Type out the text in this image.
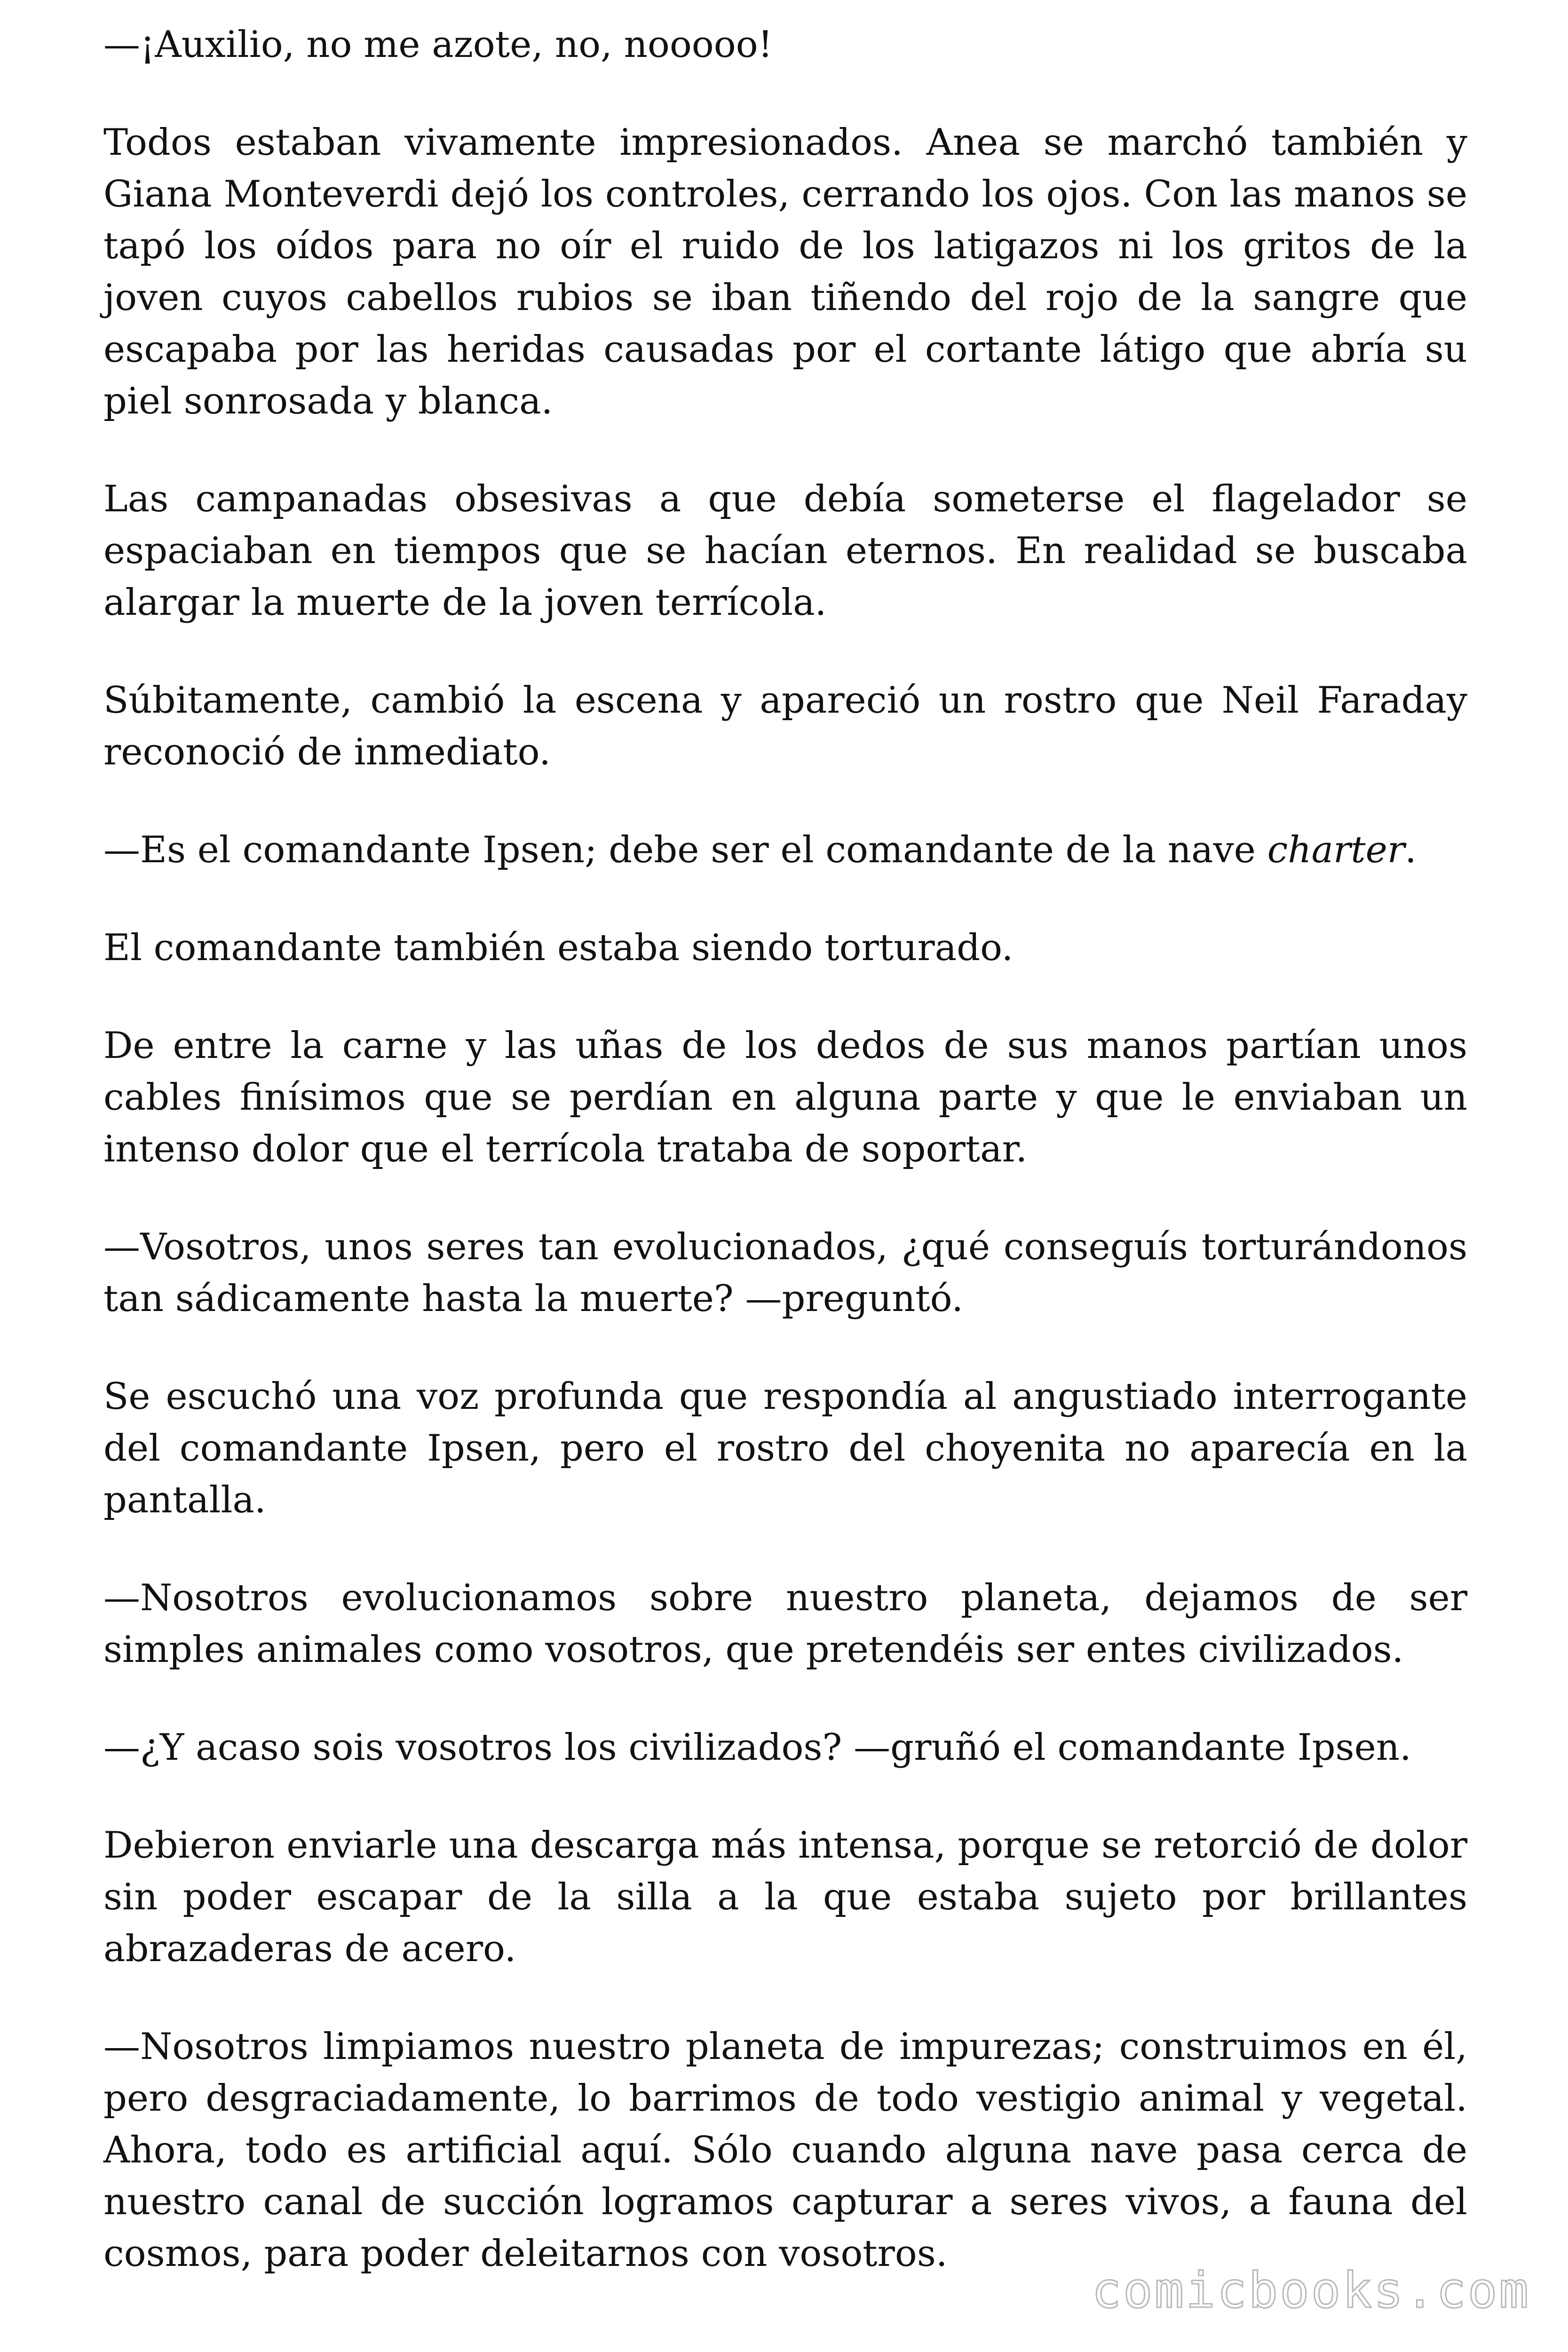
—¡Auxilio, no me azote, no, nooooo!

Todos estaban vivamente impresionados. Anea se marchó también y Giana Monteverdi dejó los controles, cerrando los ojos. Con las manos se tapó los oídos para no oír el ruido de los latigazos ni los gritos de la joven cuyos cabellos rubios se iban tiñendo del rojo de la sangre que escapaba por las heridas causadas por el cortante látigo que abría su piel sonrosada y blanca.

Las campanadas obsesivas a que debía someterse el flagelador se espaciaban en tiempos que se hacían eternos. En realidad se buscaba alargar la muerte de la joven terrícola.

Súbitamente, cambió la escena y apareció un rostro que Neil Faraday reconoció de inmediato.

—Es el comandante Ipsen; debe ser el comandante de la nave charter.

El comandante también estaba siendo torturado.

De entre la carne y las uñas de los dedos de sus manos partían unos cables finísimos que se perdían en alguna parte y que le enviaban un intenso dolor que el terrícola trataba de soportar.

—Vosotros, unos seres tan evolucionados, ¿qué conseguís torturándonos tan sádicamente hasta la muerte? —preguntó.

Se escuchó una voz profunda que respondía al angustiado interrogante del comandante Ipsen, pero el rostro del choyenita no aparecía en la pantalla.

—Nosotros evolucionamos sobre nuestro planeta, dejamos de ser simples animales como vosotros, que pretendéis ser entes civilizados.

—¿Y acaso sois vosotros los civilizados? —gruñó el comandante Ipsen.

Debieron enviarle una descarga más intensa, porque se retorció de dolor sin poder escapar de la silla a la que estaba sujeto por brillantes abrazaderas de acero.

—Nosotros limpiamos nuestro planeta de impurezas; construimos en él, pero desgraciadamente, lo barrimos de todo vestigio animal y vegetal. Ahora, todo es artificial aquí. Sólo cuando alguna nave pasa cerca de nuestro canal de succión logramos capturar a seres vivos, a fauna del cosmos, para poder deleitarnos con vosotros.

comicbooks.com
